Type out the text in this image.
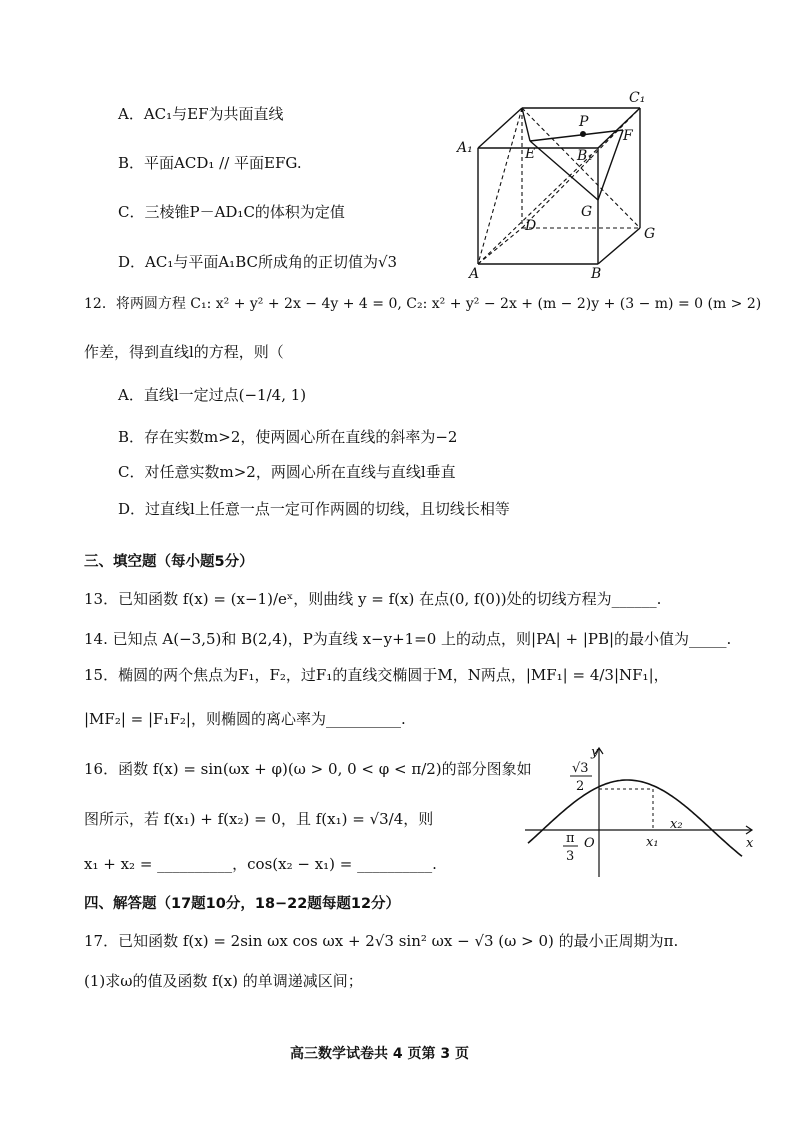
A．AC₁与EF为共面直线
B．平面ACD₁ // 平面EFG.
C．三棱锥P－AD₁C的体积为定值
D．AC₁与平面A₁BC所成角的正切值为√3
C₁
P
F
A₁	E	B₁
G
D	G
A	B
12．将两圆方程 C₁: x² + y² + 2x − 4y + 4 = 0, C₂: x² + y² − 2x + (m − 2)y + (3 − m) = 0 (m > 2)
作差，得到直线l的方程，则（
A．直线l一定过点(−1/4, 1)
B．存在实数m>2，使两圆心所在直线的斜率为−2
C．对任意实数m>2，两圆心所在直线与直线l垂直
D．过直线l上任意一点一定可作两圆的切线，且切线长相等
三、填空题（每小题5分）
13．已知函数 f(x) = (x−1)/eˣ，则曲线 y = f(x) 在点(0, f(0))处的切线方程为______.
14. 已知点 A(−3,5)和 B(2,4)，P为直线 x−y+1=0 上的动点，则|PA| + |PB|的最小值为_____.
15．椭圆的两个焦点为F₁，F₂，过F₁的直线交椭圆于M，N两点，|MF₁| = 4/3|NF₁|，
|MF₂| = |F₁F₂|，则椭圆的离心率为__________.
16．函数 f(x) = sin(ωx + φ)(ω > 0, 0 < φ < π/2)的部分图象如
图所示，若 f(x₁) + f(x₂) = 0，且 f(x₁) = √3/4，则
x₁ + x₂ = __________，cos(x₂ − x₁) = __________.
y
x
√3
2
O
π
3
x₁
x₂
四、解答题（17题10分，18−22题每题12分）
17．已知函数 f(x) = 2sin ωx cos ωx + 2√3 sin² ωx − √3 (ω > 0) 的最小正周期为π.
(1)求ω的值及函数 f(x) 的单调递减区间；
高三数学试卷共 4 页第 3 页
